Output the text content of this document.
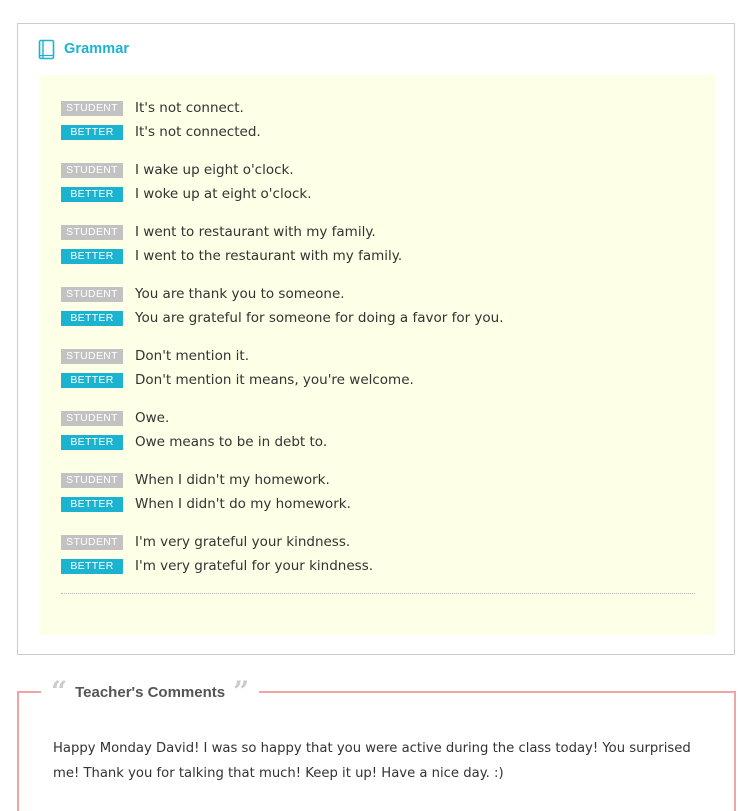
Grammar
STUDENT	It's not connect.
BETTER	It's not connected.
STUDENT	I wake up eight o'clock.
BETTER	I woke up at eight o'clock.
STUDENT	I went to restaurant with my family.
BETTER	I went to the restaurant with my family.
STUDENT	You are thank you to someone.
BETTER	You are grateful for someone for doing a favor for you.
STUDENT	Don't mention it.
BETTER	Don't mention it means, you're welcome.
STUDENT	Owe.
BETTER	Owe means to be in debt to.
STUDENT	When I didn't my homework.
BETTER	When I didn't do my homework.
STUDENT	I'm very grateful your kindness.
BETTER	I'm very grateful for your kindness.
“ Teacher's Comments ”

Happy Monday David! I was so happy that you were active during the class today! You surprised me! Thank you for talking that much! Keep it up! Have a nice day. :)
